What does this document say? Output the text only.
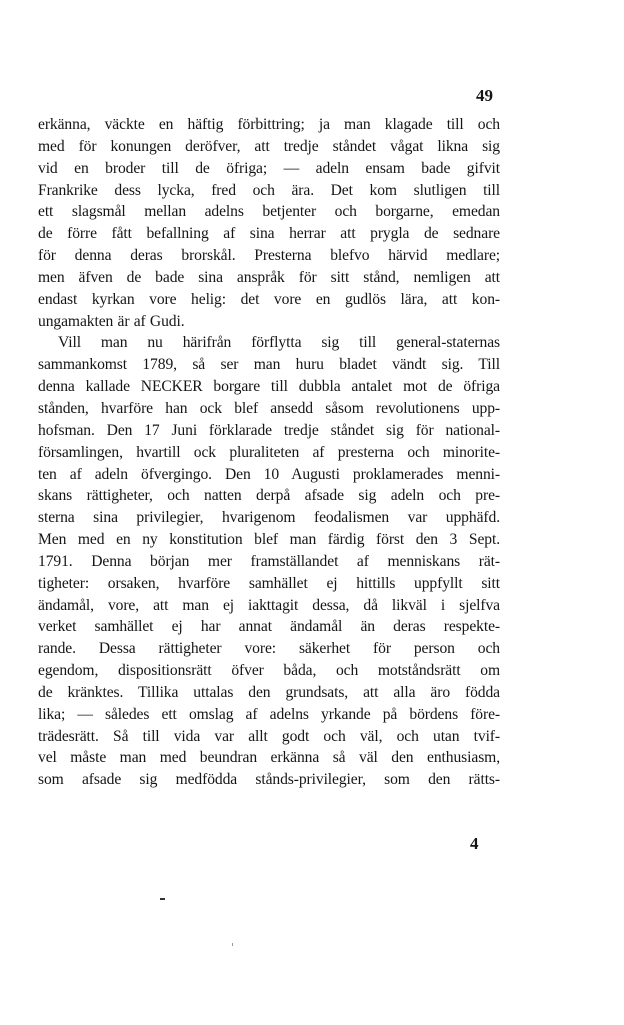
49
erkänna, väckte en häftig förbittring; ja man klagade till och
med för konungen deröfver, att tredje ståndet vågat likna sig
vid en broder till de öfriga; — adeln ensam bade gifvit
Frankrike dess lycka, fred och ära. Det kom slutligen till
ett slagsmål mellan adelns betjenter och borgarne, emedan
de förre fått befallning af sina herrar att prygla de sednare
för denna deras brorskål. Presterna blefvo härvid medlare;
men äfven de bade sina anspråk för sitt stånd, nemligen att
endast kyrkan vore helig: det vore en gudlös lära, att kon-
ungamakten är af Gudi.
Vill man nu härifrån förflytta sig till general-staternas
sammankomst 1789, så ser man huru bladet vändt sig. Till
denna kallade NECKER borgare till dubbla antalet mot de öfriga
stånden, hvarföre han ock blef ansedd såsom revolutionens upp-
hofsman. Den 17 Juni förklarade tredje ståndet sig för national-
församlingen, hvartill ock pluraliteten af presterna och minorite-
ten af adeln öfvergingo. Den 10 Augusti proklamerades menni-
skans rättigheter, och natten derpå afsade sig adeln och pre-
sterna sina privilegier, hvarigenom feodalismen var upphäfd.
Men med en ny konstitution blef man färdig först den 3 Sept.
1791. Denna början mer framställandet af menniskans rät-
tigheter: orsaken, hvarföre samhället ej hittills uppfyllt sitt
ändamål, vore, att man ej iakttagit dessa, då likväl i sjelfva
verket samhället ej har annat ändamål än deras respekte-
rande. Dessa rättigheter vore: säkerhet för person och
egendom, dispositionsrätt öfver båda, och motståndsrätt om
de kränktes. Tillika uttalas den grundsats, att alla äro födda
lika; — således ett omslag af adelns yrkande på bördens före-
trädesrätt. Så till vida var allt godt och väl, och utan tvif-
vel måste man med beundran erkänna så väl den enthusiasm,
som afsade sig medfödda stånds-privilegier, som den rätts-
4
